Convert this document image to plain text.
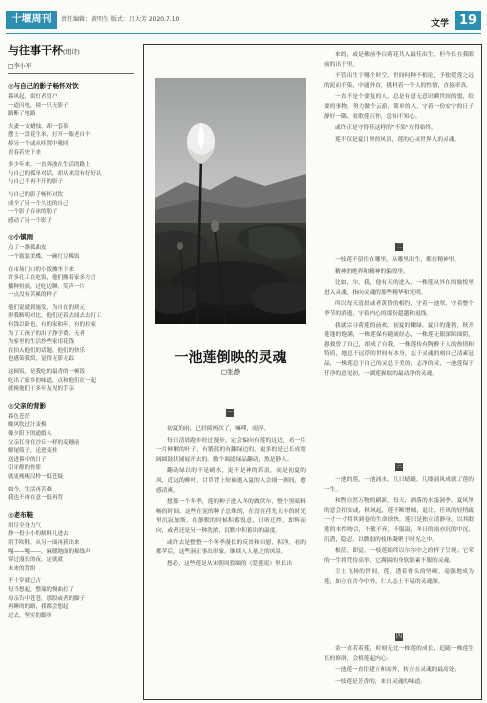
十堰周刊	责任编辑：黄明生 版式：吕大芳 2020.7.10	文学 19
与往事干杯(组诗)
□李小军
◎与自己的影子畅怀对饮
暮风起，街灯者冒户
一道闪电，撞一只无影子
路断了电路
夫妻一支蜡烛，却一套茶
摆上一盘花生米，打开一瓶老自个
掉另一个或从哇置中吸回
青春若史下来
多少年来，一直奔波在生活的路上
与自己的孤单对话，却从来没有好好认
与自己不再不开的影子
与自己的影子畅怀对饮
成全了另一个久违的自己
一个影子在冰的肋子
感动了另一个影子
◎小镇雨
点了一盏孤曲皮
一个瓶装美蝶，一碗红豆稀饭
在市场门口的小饭摊坐下来
许多孔工在吃饭，他们搬着家多方言
播种扮演，过吃边聊，笑声一片
一点没有苦累的样子
他们说就到施发，为自在的到元
形我断明对比，他们还着去闻去去打工
有钱以卧也，有的家和年，有的拉家
为了工孩子的出子挣学费，无者
为家里的生活抄些家用花钱
在拍入他们的话题，他们的快乐
也感染我窝，觉得无影无踪
这顿饭，是我吃的最香的一顿饭
吃出了家乡的味道，点和他们在一起
就像他们于多年友见的手亲
◎父亲的背影
暮色苍茫
晚风吹过汁麦梅
像夕阳下的通婚人
父亲扛身在沙丘一样的麦穗前
解尾简子，送进麦桂
送进暮中的日子
引牙醇的骨影
就更瘦瘦汉样一低苍疑
如今，生活再苦难
我也不再在意一低再背
◎老布鞋
用尽全身力气
挣一投小小的制料几进去
用手吹鞋，从另一面再获出来
嘎——嘎——，麻腰地面的棉线声
穿过漫长的夜，定就就
未来的背组
不十岁就已占
每当想起，整瑞的慢曲打了
母亲告中苍苍，那股或者的脚子
再睡的的路，我都会想起
过去，坚实的脚步
一池莲倒映的灵魂
□张静
一

初夏的雨，已轻阅两次了，嘛噗，雨淬。

每日清晨跑步经过漫步，定会偏向有莲的这边，看一片一片鲜解的叶子，有锻蓝的有翻绿边的，更多的是已长成宽阔圆鼓状铺展开去的。数个调滤绿品翻动，熬是静人。

翻动绿以的不是刷水，更不是神的若浪，而是初夏的风，近远的醉叶，甘草背上短袖逝入夏的人会细一刹间，愈感清爽。

想那一个冬季，莲的种子进入冬的做伏尔，整个黑暗料畅的时间，这些在泥的种子总殊的，在没在荏先天丰的时光里沉寂加斯，在静默的时候积蓄锐意，日昕迁绊，即辉而向，或者还是另一种洗浓，沉默中积蓄出的温度。

或许去是整整一个冬季漫长的反省和自慰，积净，看的都苹后，这些洞正事出形象，继续人人量之的风景。

想必，这些莲是从宋朝周敦颐的《爱莲说》里长出

来的，或是佛前李白荷花共入最佳出生，但今长在我眼前的出于里。

不管出生于哪个时空，世间何种不相论，予独爱莲之远的泥而不染，中通外直，挑村着一个人的性情，直接率真。

一直不是个要复的人，总是有意无意识瞬世间的盟，给要的事物，努力做个云游，简单的人，守着一份安宁的日子静好一隅。看歌莲召你，总知不知心。

或许正是守得佳这样的"不染"方得始终。

莲不仅是夏日里的风景，莲的心灵世界人的灵魂。

二

一枝莲不留住在哪里，从哪里出生，都在精神里。

精神的绝界和精神的偏徨里。

比如，尔，我，他有天的进入，一株莲从外在的愉悦里进入灵魂，指向灵魂的那些精华和光明。

所以每天清晨或者黄昏的相约，守着一池翠，守着整个季节的消逝，守着内心的那份超越和退线。

我就宗寻荷莲的前欢，初夏的嫩绿，夏日的蓬勃，秋开莲蓬的饱满，一株莲保有随流经志，一株莲无限深陷图阴，愚救曾了自己，却成了自我，一株莲传有陶醉于人的热情和特质，她总于远浮的世间有本身，忘于灵魂的刻自己清素冠晶，一株莲总于自己的灵总于美的，志净的灵，一池莲保于仟净的意见初，一湖莲握取的最动净的灵魂。

三

一池的莲，一池涌水，几只蜻蜓，几缕涌风成就了莲的一生。

和煦自然万物的刷新，每天，洒落的水蛋洞季，夏风里的意会扣实或，秋风起，莲不断增城，退让，任风的轻悄疏一寸一寸将其到卷的生命徐快，莲只是独立清静身，以其眠莲的本性吻合，不敏不弃，不服温，冬日的雨亦沉的中沉，沉潜，隐忍，以微弱的枝体凝聚于时光之中。

根莅，即觉，一枝莲始终以尔尔中之的样子呈现；它荣的一生将凭侍高举，它满搞的身软影素不服的灵魂。

尘土飞扬的世间，莲，透着骨头的坚硬，毫强地成为莲，如立在否今中外，仁人志士不易的灵魂深。

四

金一直若着莲，时刻无比一株莲的成长，追随一株莲生长的修洛，会格莲起内心：

一池莲一直住建立和而外，转立在灵魂的最高处；

一枝莲是芳香的，来自灵魂的味道。
